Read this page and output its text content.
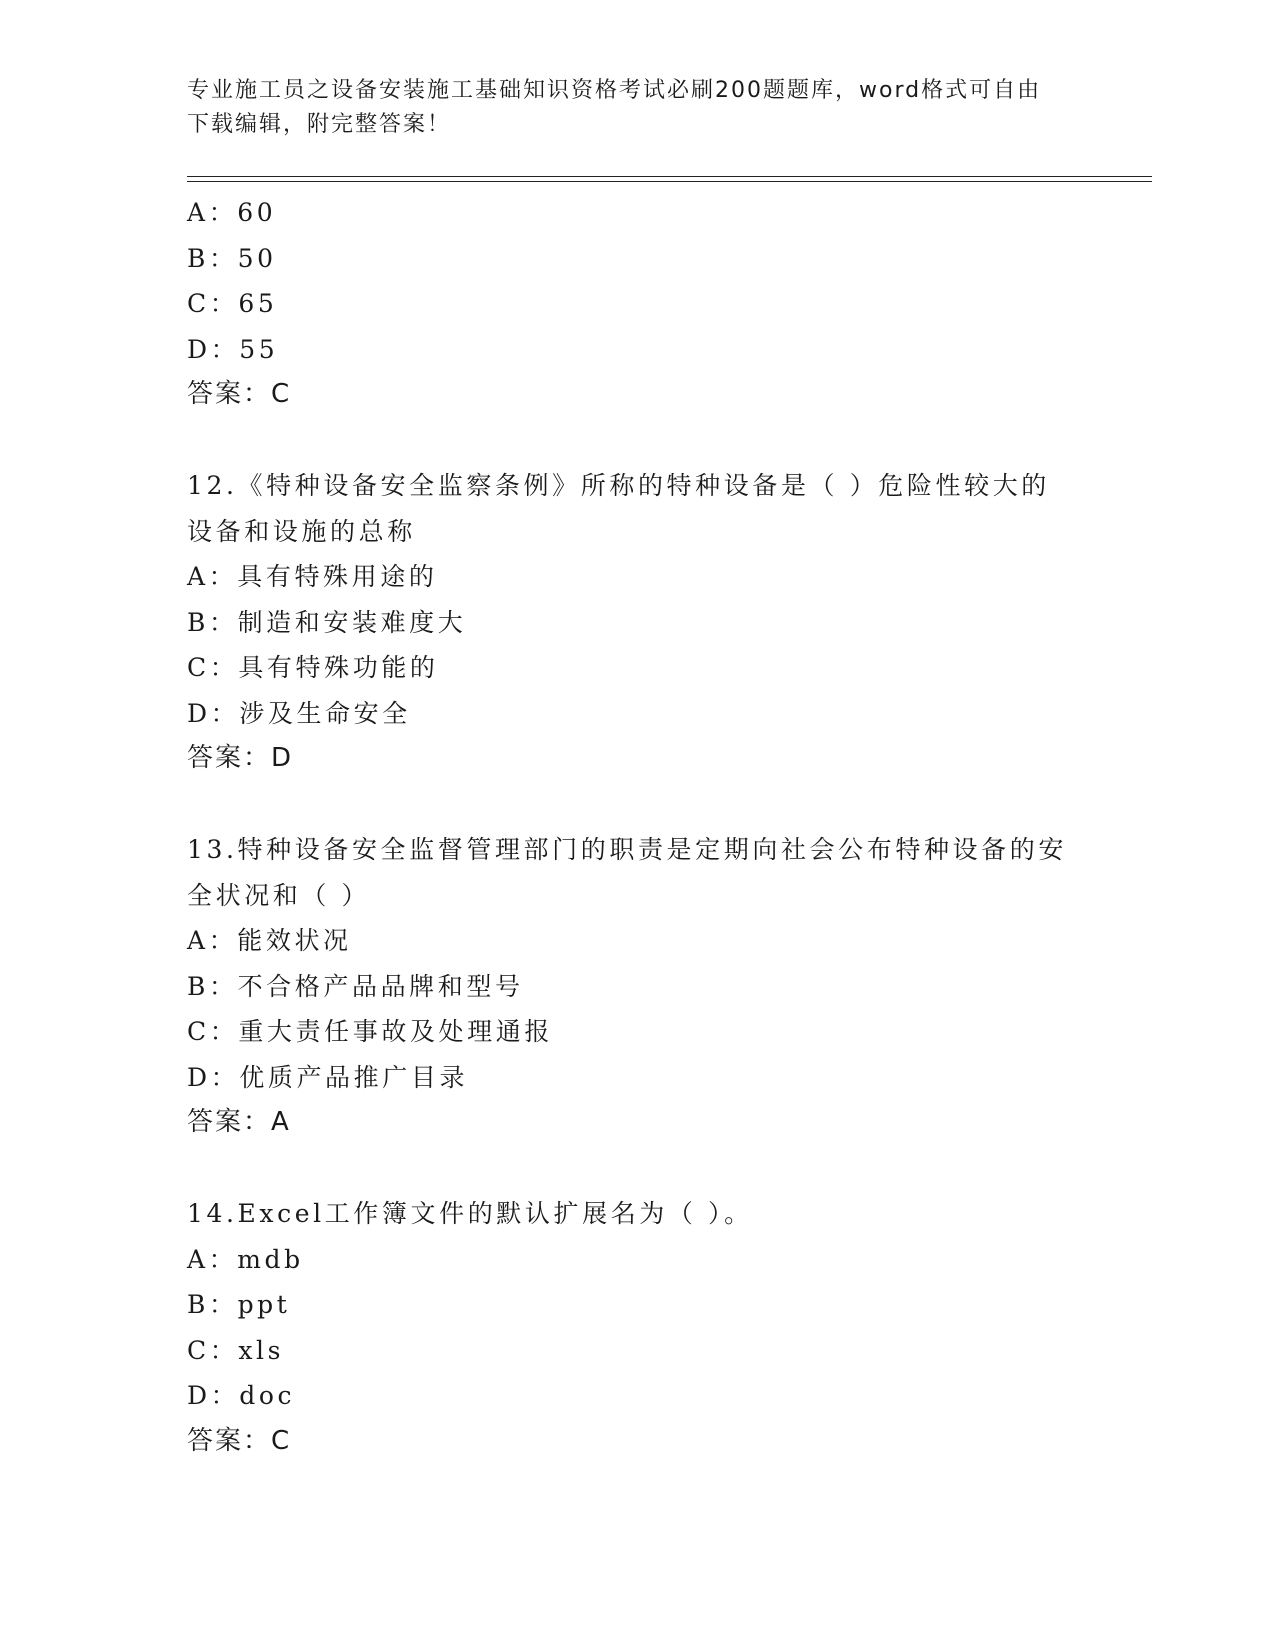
专业施工员之设备安装施工基础知识资格考试必刷200题题库，word格式可自由
下载编辑，附完整答案！
A：60
B：50
C：65
D：55
答案：C
12.《特种设备安全监察条例》所称的特种设备是（ ）危险性较大的
设备和设施的总称
A：具有特殊用途的
B：制造和安装难度大
C：具有特殊功能的
D：涉及生命安全
答案：D
13.特种设备安全监督管理部门的职责是定期向社会公布特种设备的安
全状况和（ ）
A：能效状况
B：不合格产品品牌和型号
C：重大责任事故及处理通报
D：优质产品推广目录
答案：A
14.Excel工作簿文件的默认扩展名为（ ）。
A：mdb
B：ppt
C：xls
D：doc
答案：C
